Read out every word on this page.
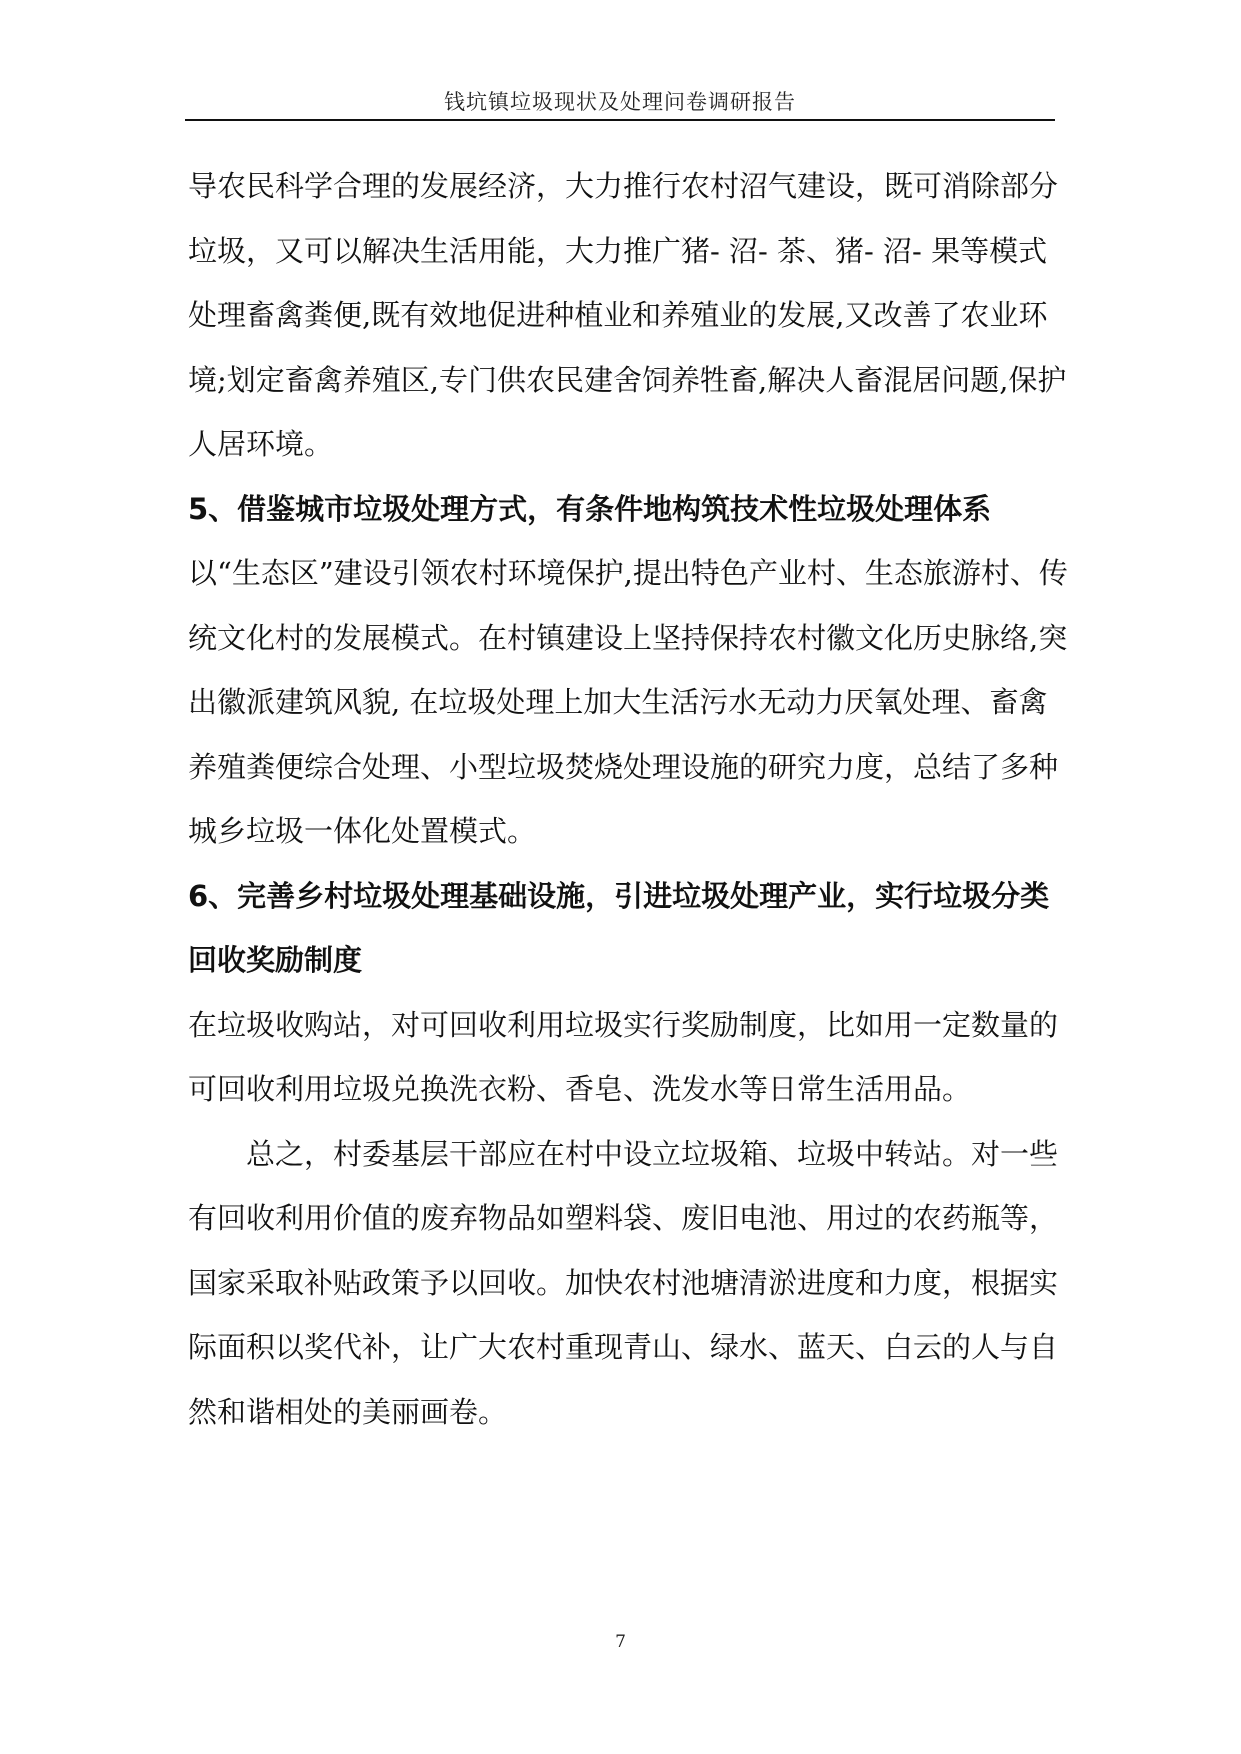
钱坑镇垃圾现状及处理问卷调研报告

导农民科学合理的发展经济，大力推行农村沼气建设，既可消除部分垃圾，又可以解决生活用能，大力推广猪- 沼- 茶、猪- 沼- 果等模式处理畜禽粪便,既有效地促进种植业和养殖业的发展,又改善了农业环境;划定畜禽养殖区,专门供农民建舍饲养牲畜,解决人畜混居问题,保护人居环境。

5、借鉴城市垃圾处理方式，有条件地构筑技术性垃圾处理体系

以“生态区”建设引领农村环境保护,提出特色产业村、生态旅游村、传统文化村的发展模式。在村镇建设上坚持保持农村徽文化历史脉络,突出徽派建筑风貌, 在垃圾处理上加大生活污水无动力厌氧处理、畜禽养殖粪便综合处理、小型垃圾焚烧处理设施的研究力度，总结了多种城乡垃圾一体化处置模式。

6、完善乡村垃圾处理基础设施，引进垃圾处理产业，实行垃圾分类回收奖励制度

在垃圾收购站，对可回收利用垃圾实行奖励制度，比如用一定数量的可回收利用垃圾兑换洗衣粉、香皂、洗发水等日常生活用品。

总之，村委基层干部应在村中设立垃圾箱、垃圾中转站。对一些有回收利用价值的废弃物品如塑料袋、废旧电池、用过的农药瓶等，国家采取补贴政策予以回收。加快农村池塘清淤进度和力度，根据实际面积以奖代补，让广大农村重现青山、绿水、蓝天、白云的人与自然和谐相处的美丽画卷。

7
